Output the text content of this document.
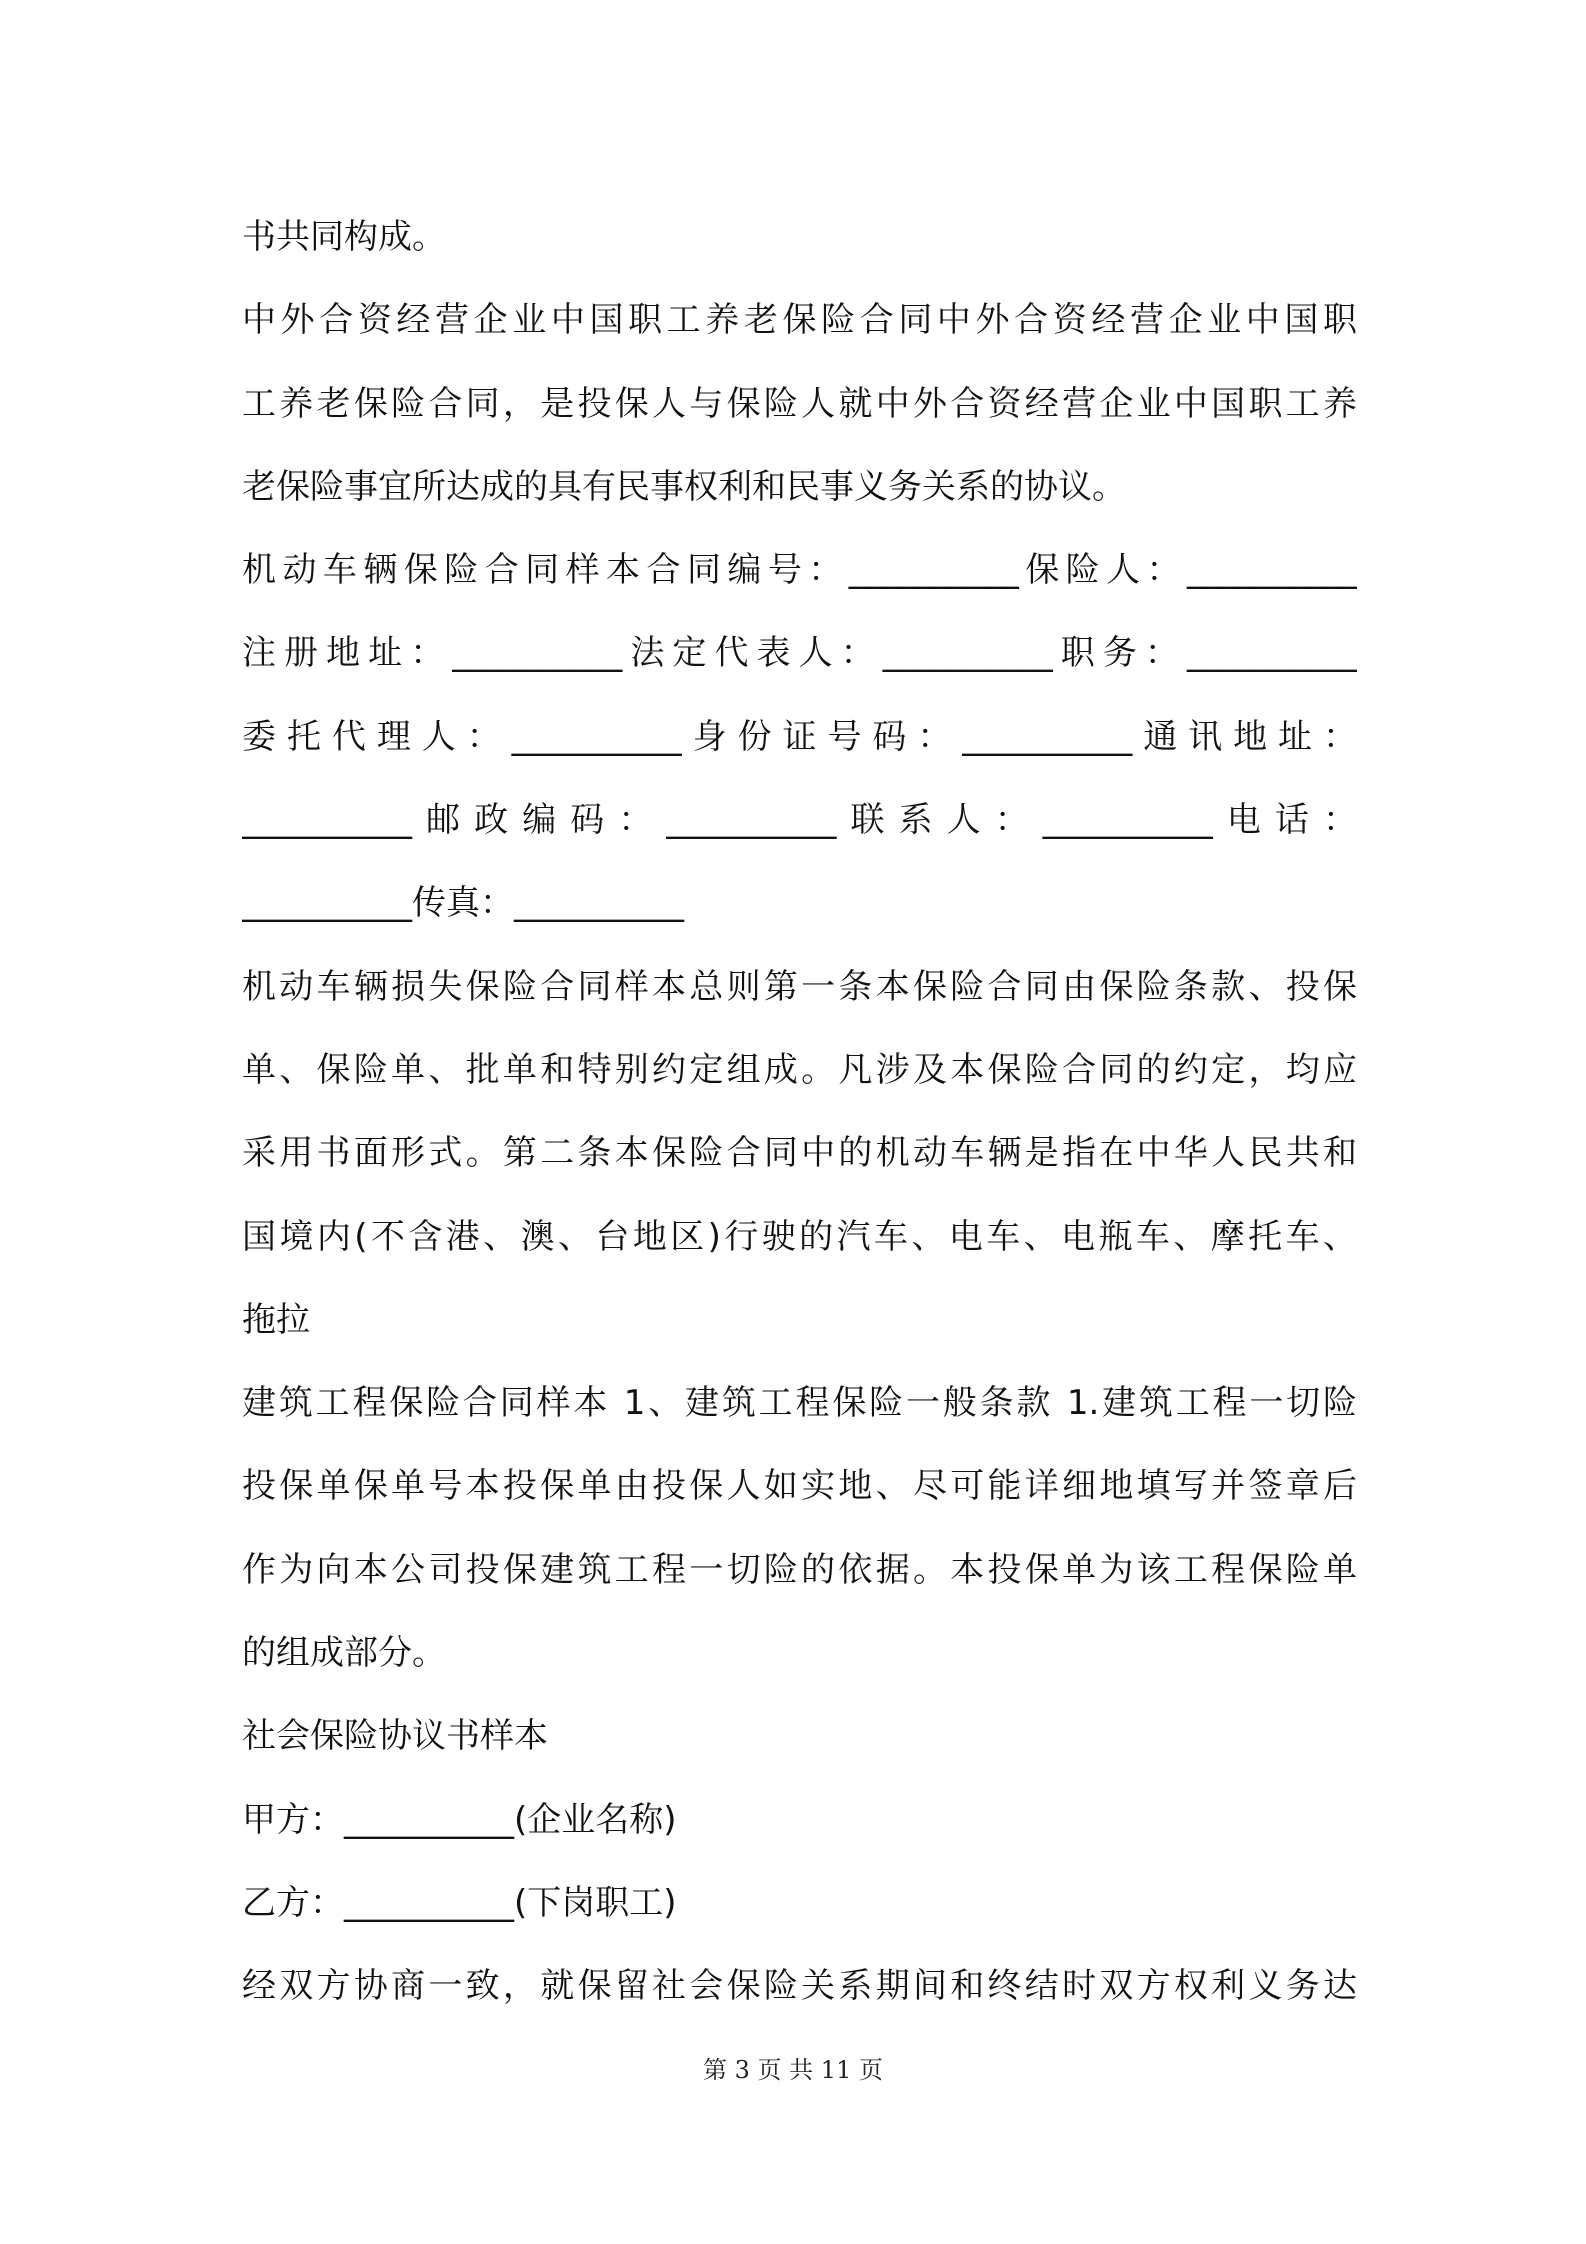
书共同构成。
中外合资经营企业中国职工养老保险合同中外合资经营企业中国职
工养老保险合同，是投保人与保险人就中外合资经营企业中国职工养
老保险事宜所达成的具有民事权利和民事义务关系的协议。
机动车辆保险合同样本合同编号：__________保险人：__________
注册地址：__________法定代表人：__________职务：__________
委托代理人：__________身份证号码：__________通讯地址：
__________邮政编码：__________联系人：__________电话：
__________传真：__________
机动车辆损失保险合同样本总则第一条本保险合同由保险条款、投保
单、保险单、批单和特别约定组成。凡涉及本保险合同的约定，均应
采用书面形式。第二条本保险合同中的机动车辆是指在中华人民共和
国境内(不含港、澳、台地区)行驶的汽车、电车、电瓶车、摩托车、
拖拉
建筑工程保险合同样本 1、建筑工程保险一般条款 1.建筑工程一切险
投保单保单号本投保单由投保人如实地、尽可能详细地填写并签章后
作为向本公司投保建筑工程一切险的依据。本投保单为该工程保险单
的组成部分。
社会保险协议书样本
甲方：__________(企业名称)
乙方：__________(下岗职工)
经双方协商一致，就保留社会保险关系期间和终结时双方权利义务达
第 3 页 共 11 页
